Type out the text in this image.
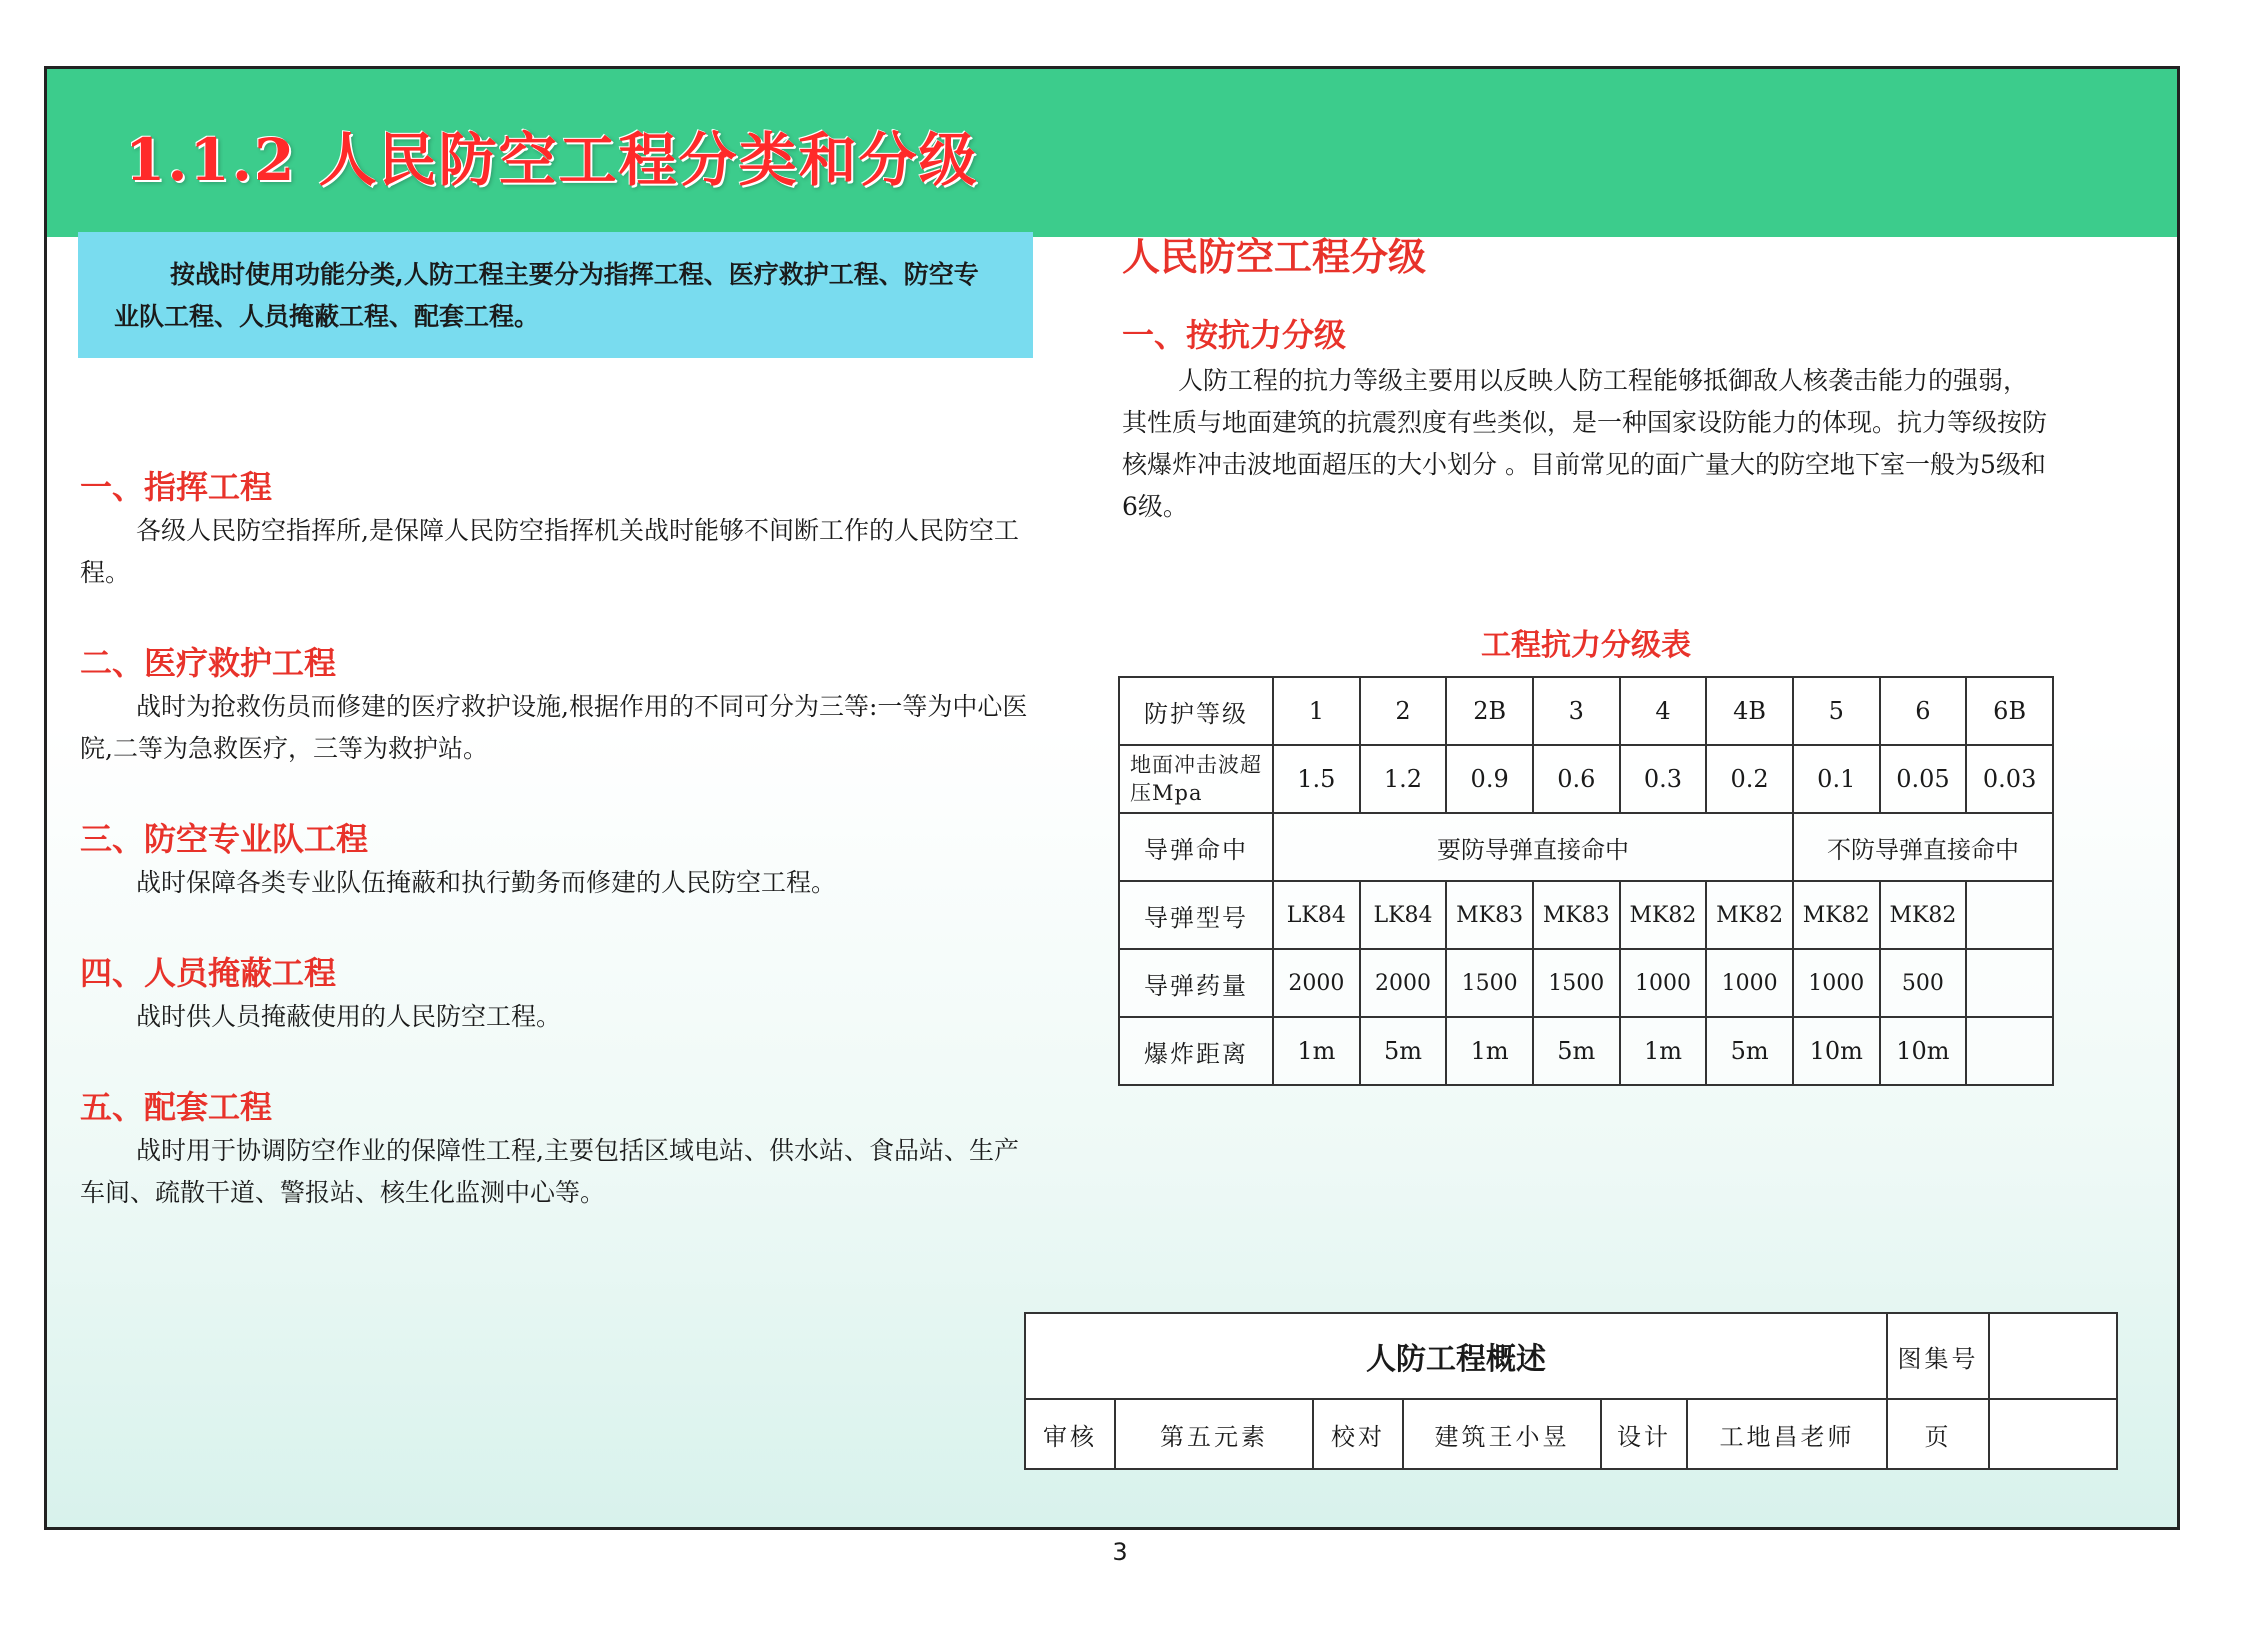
1.1.2 人民防空工程分类和分级
按战时使用功能分类,人防工程主要分为指挥工程、医疗救护工程、防空专业队工程、人员掩蔽工程、配套工程。
一、指挥工程

各级人民防空指挥所,是保障人民防空指挥机关战时能够不间断工作的人民防空工程。

二、医疗救护工程

战时为抢救伤员而修建的医疗救护设施,根据作用的不同可分为三等:一等为中心医院,二等为急救医疗，三等为救护站。

三、防空专业队工程

战时保障各类专业队伍掩蔽和执行勤务而修建的人民防空工程。

四、人员掩蔽工程

战时供人员掩蔽使用的人民防空工程。

五、配套工程

战时用于协调防空作业的保障性工程,主要包括区域电站、供水站、食品站、生产车间、疏散干道、警报站、核生化监测中心等。

人民防空工程分级
一、按抗力分级

人防工程的抗力等级主要用以反映人防工程能够抵御敌人核袭击能力的强弱，其性质与地面建筑的抗震烈度有些类似，是一种国家设防能力的体现。抗力等级按防核爆炸冲击波地面超压的大小划分 。目前常见的面广量大的防空地下室一般为5级和6级。

工程抗力分级表
防护等级	1	2	2B	3	4	4B	5	6	6B
地面冲击波超压Mpa	1.5	1.2	0.9	0.6	0.3	0.2	0.1	0.05	0.03
导弹命中	要防导弹直接命中						不防导弹直接命中		
导弹型号	LK84	LK84	MK83	MK83	MK82	MK82	MK82	MK82	
导弹药量	2000	2000	1500	1500	1000	1000	1000	500	
爆炸距离	1m	5m	1m	5m	1m	5m	10m	10m	
人防工程概述						图集号	
审核	第五元素	校对	建筑王小昱	设计	工地昌老师	页	
3
